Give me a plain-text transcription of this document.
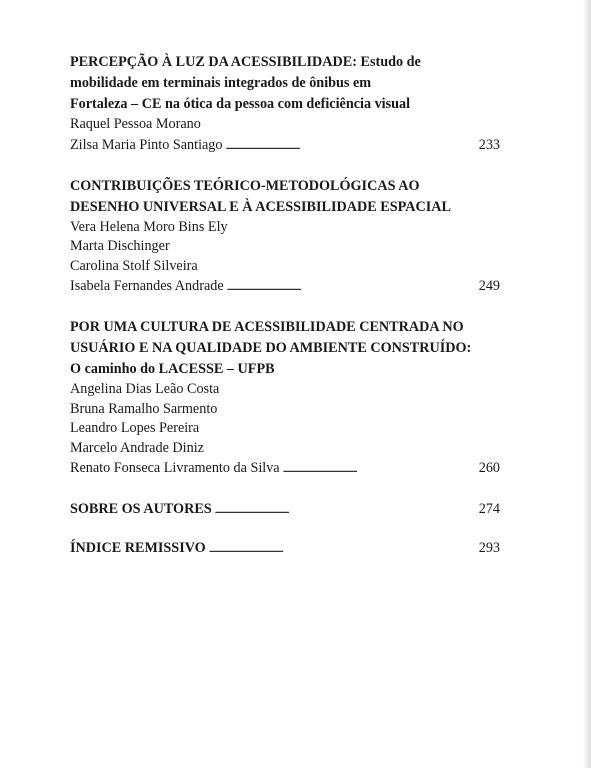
PERCEPÇÃO À LUZ DA ACESSIBILIDADE: Estudo de
mobilidade em terminais integrados de ônibus em
Fortaleza – CE na ótica da pessoa com deficiência visual

Raquel Pessoa Morano
Zilsa Maria Pinto Santiago . . .	233

CONTRIBUIÇÕES TEÓRICO-METODOLÓGICAS AO
DESENHO UNIVERSAL E À ACESSIBILIDADE ESPACIAL

Vera Helena Moro Bins Ely
Marta Dischinger
Carolina Stolf Silveira
Isabela Fernandes Andrade . . .	249

POR UMA CULTURA DE ACESSIBILIDADE CENTRADA NO
USUÁRIO E NA QUALIDADE DO AMBIENTE CONSTRUÍDO:
O caminho do LACESSE – UFPB

Angelina Dias Leão Costa
Bruna Ramalho Sarmento
Leandro Lopes Pereira
Marcelo Andrade Diniz
Renato Fonseca Livramento da Silva . . .	260
SOBRE OS AUTORES . . .	274
ÍNDICE REMISSIVO . . .	293
